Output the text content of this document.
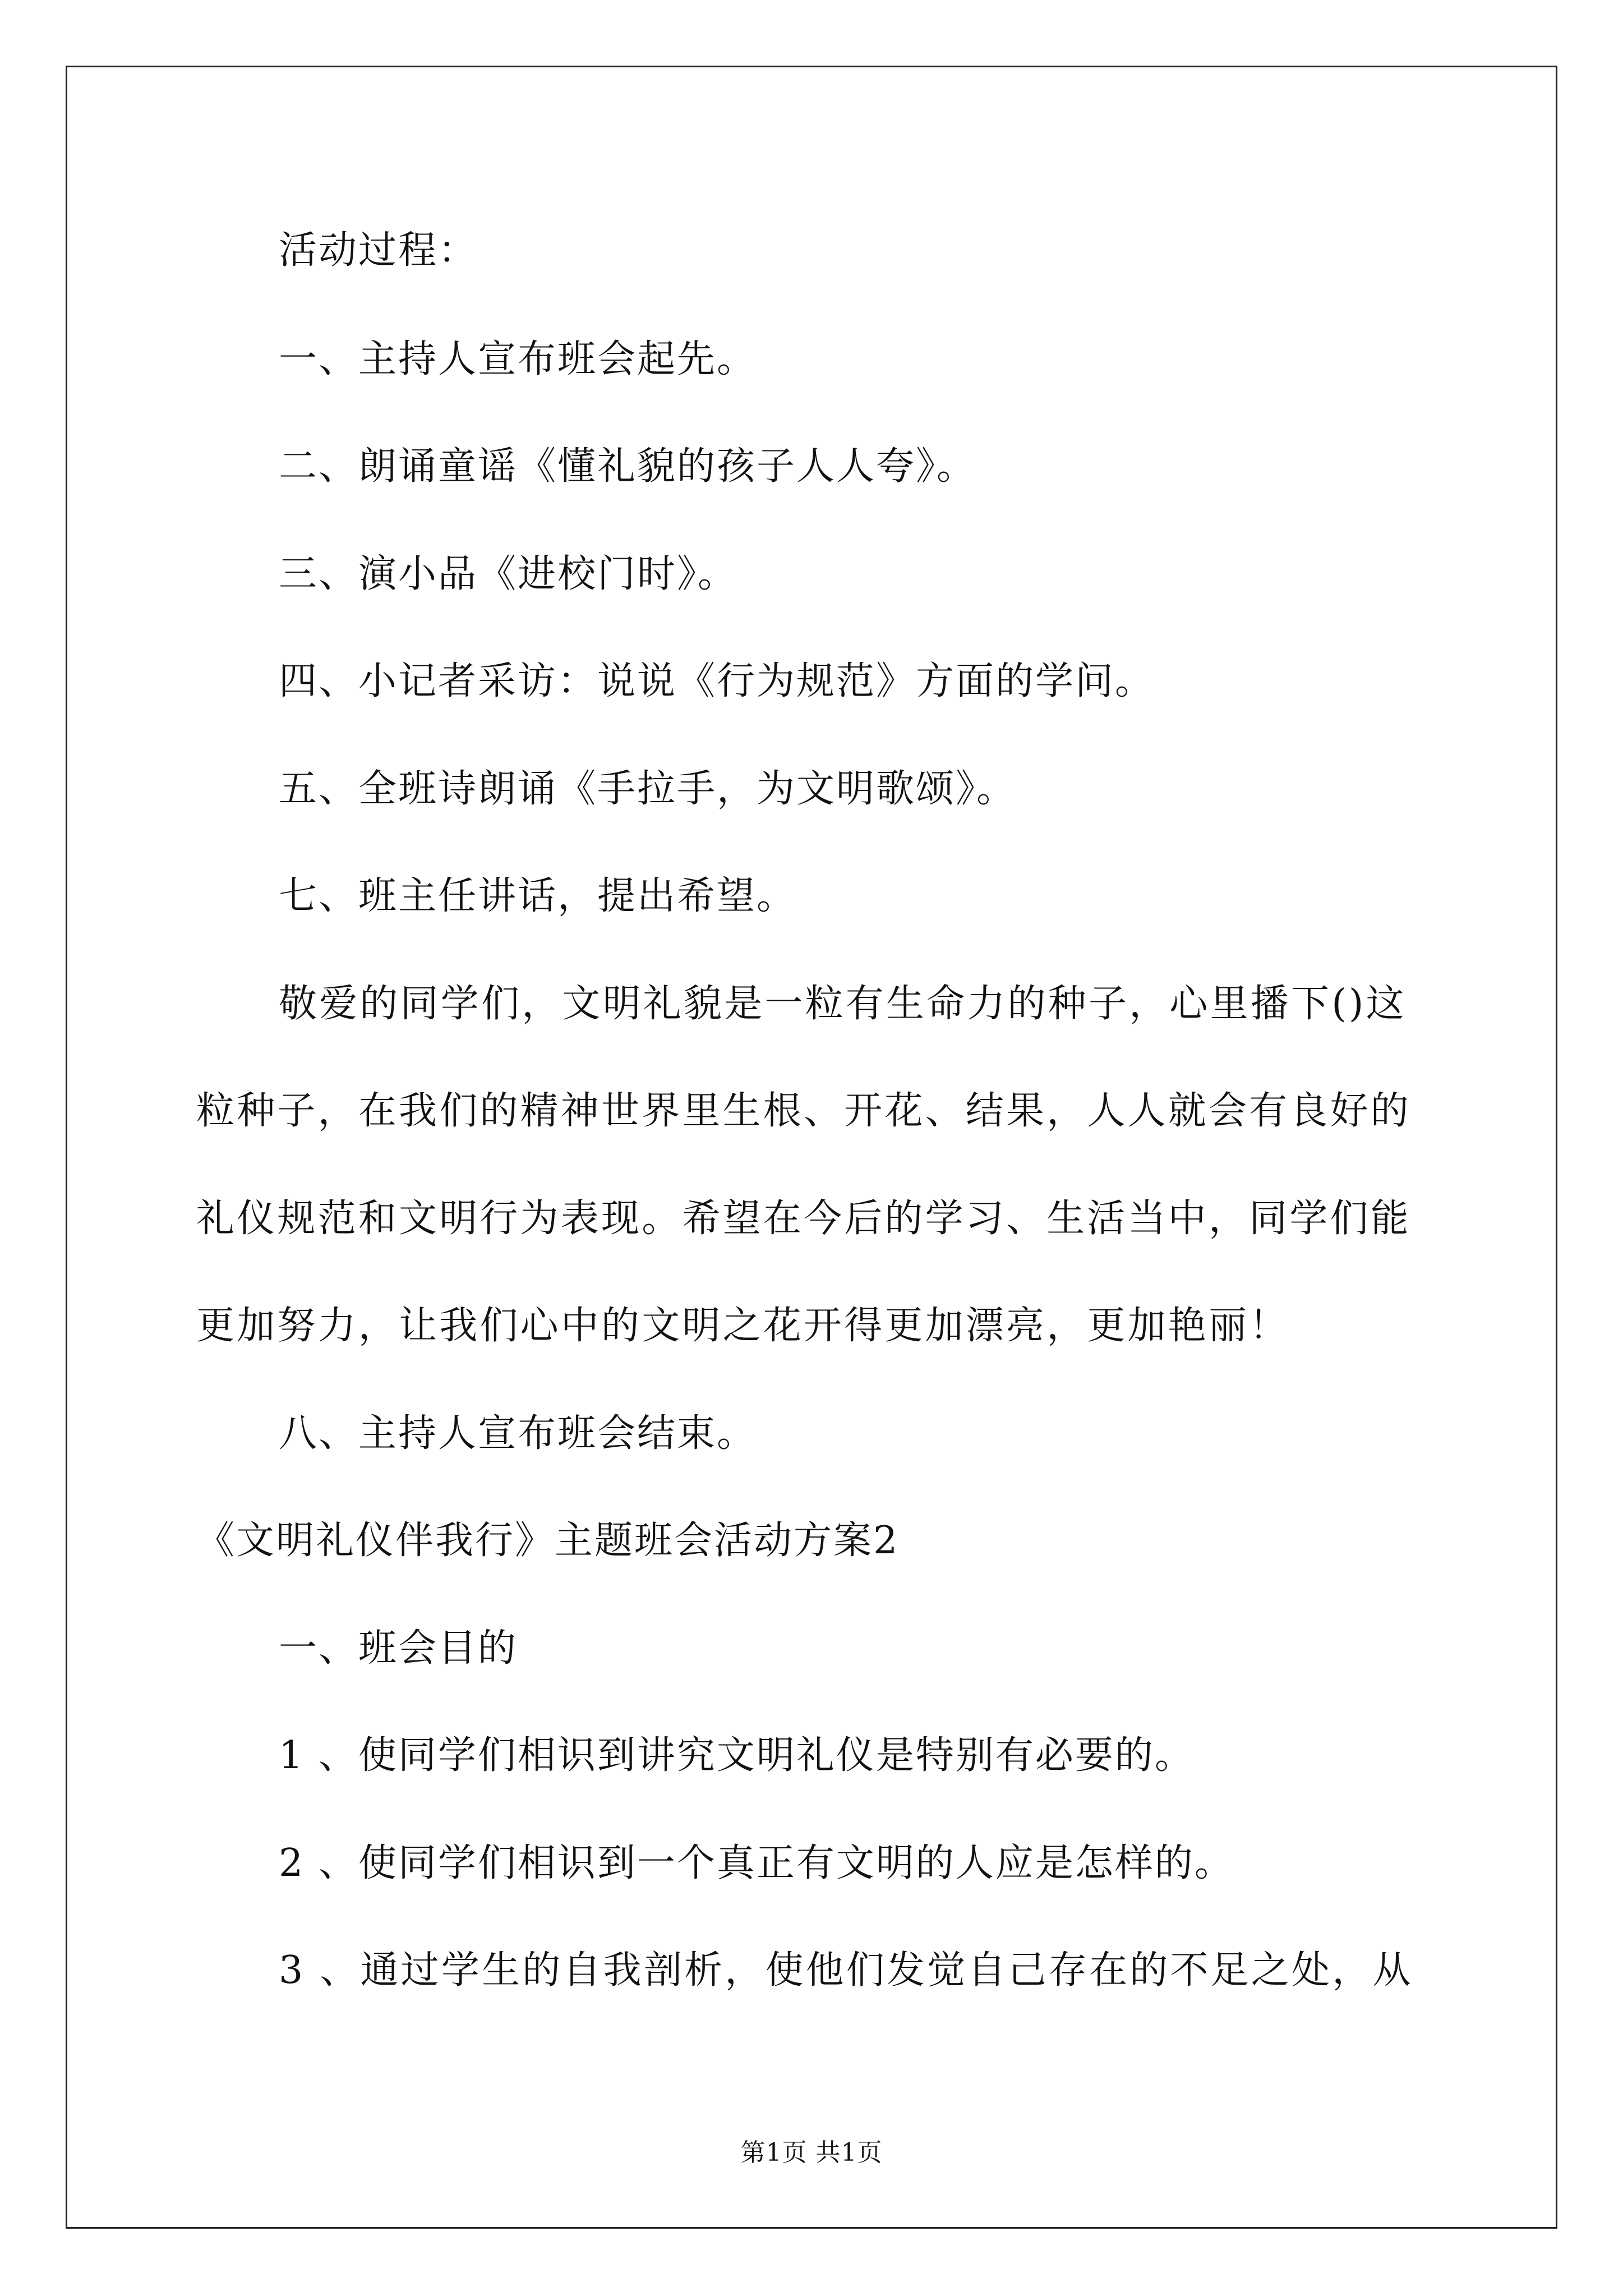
活动过程：
一、主持人宣布班会起先。
二、朗诵童谣《懂礼貌的孩子人人夸》。
三、演小品《进校门时》。
四、小记者采访：说说《行为规范》方面的学问。
五、全班诗朗诵《手拉手，为文明歌颂》。
七、班主任讲话，提出希望。
敬爱的同学们，文明礼貌是一粒有生命力的种子，心里播下()这
粒种子，在我们的精神世界里生根、开花、结果，人人就会有良好的
礼仪规范和文明行为表现。希望在今后的学习、生活当中，同学们能
更加努力，让我们心中的文明之花开得更加漂亮，更加艳丽！
八、主持人宣布班会结束。
《文明礼仪伴我行》主题班会活动方案2
一、班会目的
1 、使同学们相识到讲究文明礼仪是特别有必要的。
2 、使同学们相识到一个真正有文明的人应是怎样的。
3 、通过学生的自我剖析，使他们发觉自己存在的不足之处，从
第1页 共1页
